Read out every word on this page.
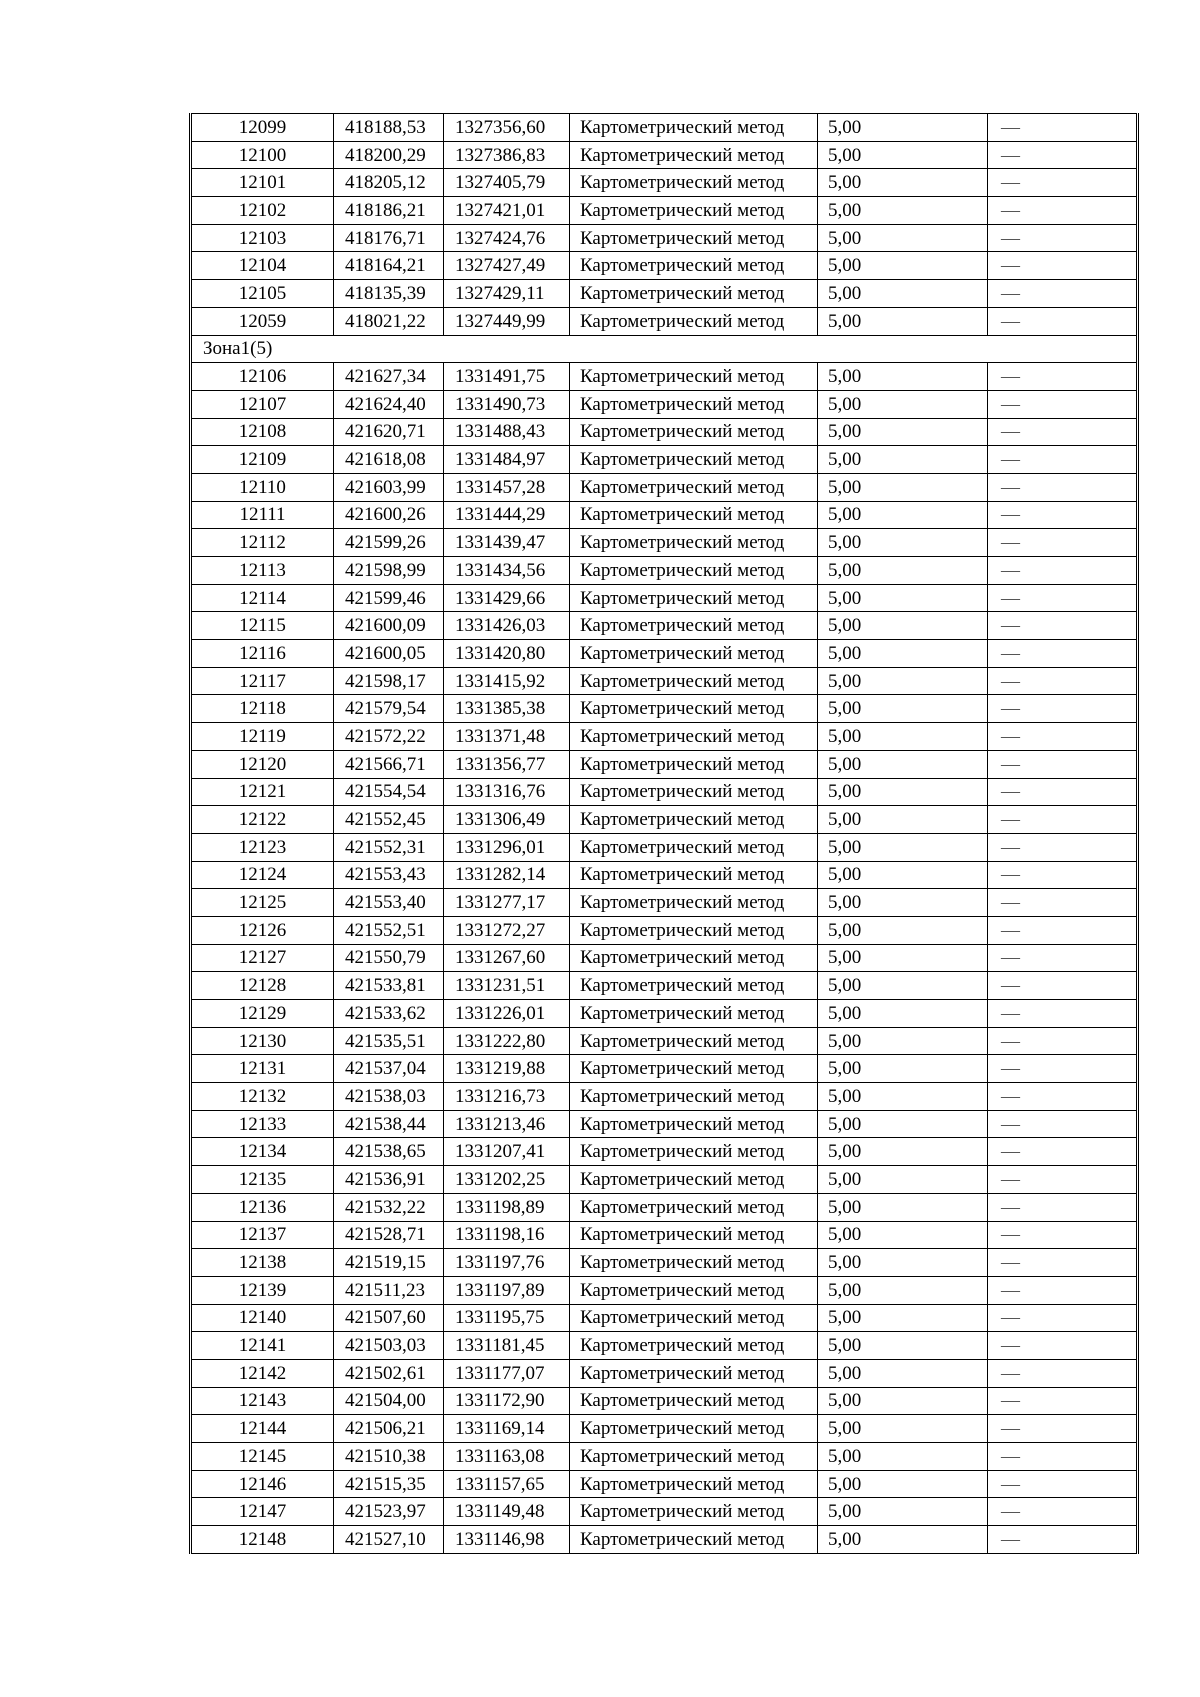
12099	418188,53	1327356,60	Картометрический метод	5,00	—
12100	418200,29	1327386,83	Картометрический метод	5,00	—
12101	418205,12	1327405,79	Картометрический метод	5,00	—
12102	418186,21	1327421,01	Картометрический метод	5,00	—
12103	418176,71	1327424,76	Картометрический метод	5,00	—
12104	418164,21	1327427,49	Картометрический метод	5,00	—
12105	418135,39	1327429,11	Картометрический метод	5,00	—
12059	418021,22	1327449,99	Картометрический метод	5,00	—
Зона1(5)					
12106	421627,34	1331491,75	Картометрический метод	5,00	—
12107	421624,40	1331490,73	Картометрический метод	5,00	—
12108	421620,71	1331488,43	Картометрический метод	5,00	—
12109	421618,08	1331484,97	Картометрический метод	5,00	—
12110	421603,99	1331457,28	Картометрический метод	5,00	—
12111	421600,26	1331444,29	Картометрический метод	5,00	—
12112	421599,26	1331439,47	Картометрический метод	5,00	—
12113	421598,99	1331434,56	Картометрический метод	5,00	—
12114	421599,46	1331429,66	Картометрический метод	5,00	—
12115	421600,09	1331426,03	Картометрический метод	5,00	—
12116	421600,05	1331420,80	Картометрический метод	5,00	—
12117	421598,17	1331415,92	Картометрический метод	5,00	—
12118	421579,54	1331385,38	Картометрический метод	5,00	—
12119	421572,22	1331371,48	Картометрический метод	5,00	—
12120	421566,71	1331356,77	Картометрический метод	5,00	—
12121	421554,54	1331316,76	Картометрический метод	5,00	—
12122	421552,45	1331306,49	Картометрический метод	5,00	—
12123	421552,31	1331296,01	Картометрический метод	5,00	—
12124	421553,43	1331282,14	Картометрический метод	5,00	—
12125	421553,40	1331277,17	Картометрический метод	5,00	—
12126	421552,51	1331272,27	Картометрический метод	5,00	—
12127	421550,79	1331267,60	Картометрический метод	5,00	—
12128	421533,81	1331231,51	Картометрический метод	5,00	—
12129	421533,62	1331226,01	Картометрический метод	5,00	—
12130	421535,51	1331222,80	Картометрический метод	5,00	—
12131	421537,04	1331219,88	Картометрический метод	5,00	—
12132	421538,03	1331216,73	Картометрический метод	5,00	—
12133	421538,44	1331213,46	Картометрический метод	5,00	—
12134	421538,65	1331207,41	Картометрический метод	5,00	—
12135	421536,91	1331202,25	Картометрический метод	5,00	—
12136	421532,22	1331198,89	Картометрический метод	5,00	—
12137	421528,71	1331198,16	Картометрический метод	5,00	—
12138	421519,15	1331197,76	Картометрический метод	5,00	—
12139	421511,23	1331197,89	Картометрический метод	5,00	—
12140	421507,60	1331195,75	Картометрический метод	5,00	—
12141	421503,03	1331181,45	Картометрический метод	5,00	—
12142	421502,61	1331177,07	Картометрический метод	5,00	—
12143	421504,00	1331172,90	Картометрический метод	5,00	—
12144	421506,21	1331169,14	Картометрический метод	5,00	—
12145	421510,38	1331163,08	Картометрический метод	5,00	—
12146	421515,35	1331157,65	Картометрический метод	5,00	—
12147	421523,97	1331149,48	Картометрический метод	5,00	—
12148	421527,10	1331146,98	Картометрический метод	5,00	—
